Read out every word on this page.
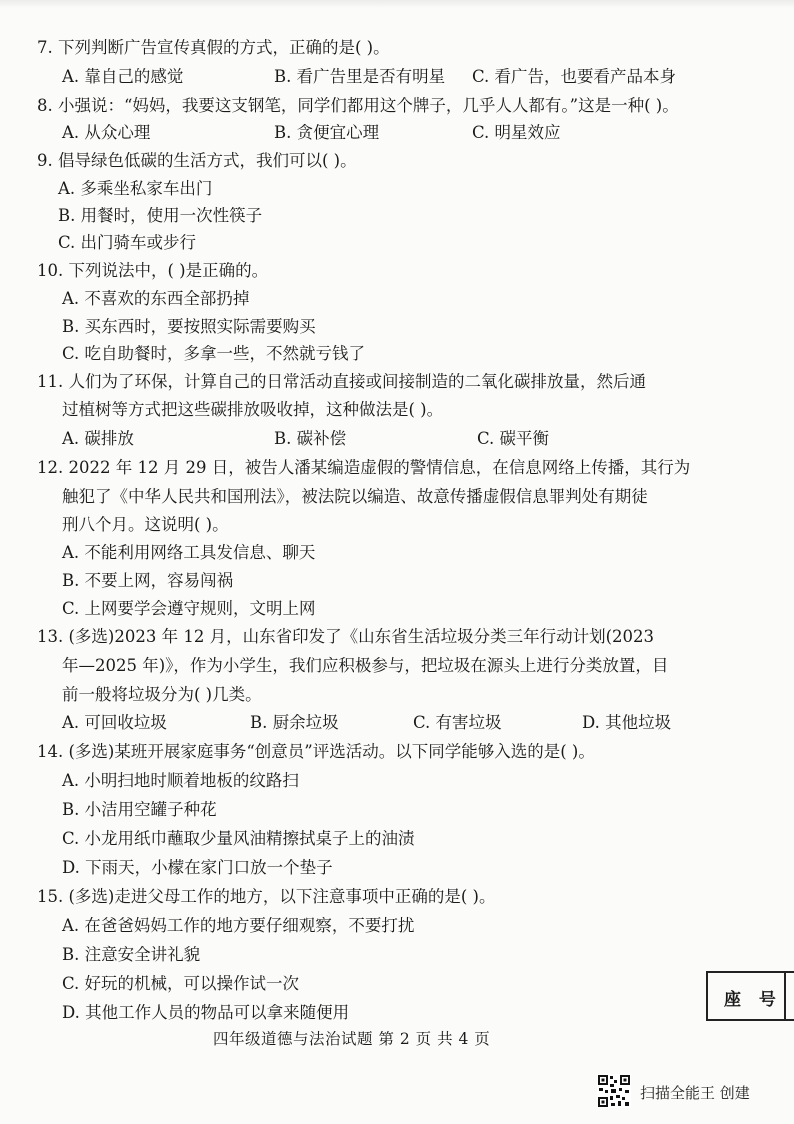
7. 下列判断广告宣传真假的方式，正确的是( )。
A. 靠自己的感觉	B. 看广告里是否有明星 C. 看广告，也要看产品本身
8. 小强说：“妈妈，我要这支钢笔，同学们都用这个牌子，几乎人人都有。”这是一种( )。
A. 从众心理	B. 贪便宜心理	C. 明星效应
9. 倡导绿色低碳的生活方式，我们可以( )。
A. 多乘坐私家车出门
B. 用餐时，使用一次性筷子
C. 出门骑车或步行
10. 下列说法中，( )是正确的。
A. 不喜欢的东西全部扔掉
B. 买东西时，要按照实际需要购买
C. 吃自助餐时，多拿一些，不然就亏钱了
11. 人们为了环保，计算自己的日常活动直接或间接制造的二氧化碳排放量，然后通
过植树等方式把这些碳排放吸收掉，这种做法是( )。
A. 碳排放	B. 碳补偿	C. 碳平衡
12. 2022 年 12 月 29 日，被告人潘某编造虚假的警情信息，在信息网络上传播，其行为
触犯了《中华人民共和国刑法》，被法院以编造、故意传播虚假信息罪判处有期徒
刑八个月。这说明( )。
A. 不能利用网络工具发信息、聊天
B. 不要上网，容易闯祸
C. 上网要学会遵守规则，文明上网
13. (多选)2023 年 12 月，山东省印发了《山东省生活垃圾分类三年行动计划(2023
年—2025 年)》，作为小学生，我们应积极参与，把垃圾在源头上进行分类放置，目
前一般将垃圾分为( )几类。
A. 可回收垃圾	B. 厨余垃圾	C. 有害垃圾	D. 其他垃圾
14. (多选)某班开展家庭事务“创意员”评选活动。以下同学能够入选的是( )。
A. 小明扫地时顺着地板的纹路扫
B. 小洁用空罐子种花
C. 小龙用纸巾蘸取少量风油精擦拭桌子上的油渍
D. 下雨天，小檬在家门口放一个垫子
15. (多选)走进父母工作的地方，以下注意事项中正确的是( )。
A. 在爸爸妈妈工作的地方要仔细观察，不要打扰
B. 注意安全讲礼貌
C. 好玩的机械，可以操作试一次
D. 其他工作人员的物品可以拿来随便用
座 号
四年级道德与法治试题 第 2 页 共 4 页
扫描全能王 创建
